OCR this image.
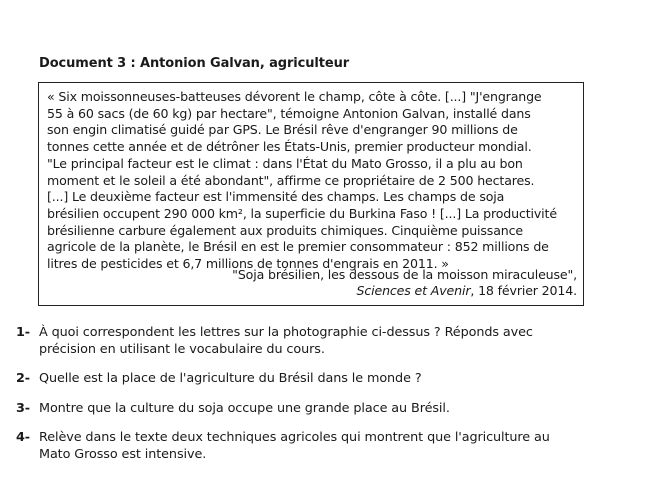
Document 3 : Antonion Galvan, agriculteur

« Six moissonneuses-batteuses dévorent le champ, côte à côte. [...] "J'engrange
55 à 60 sacs (de 60 kg) par hectare", témoigne Antonion Galvan, installé dans
son engin climatisé guidé par GPS. Le Brésil rêve d'engranger 90 millions de
tonnes cette année et de détrôner les États-Unis, premier producteur mondial.
"Le principal facteur est le climat : dans l'État du Mato Grosso, il a plu au bon
moment et le soleil a été abondant", affirme ce propriétaire de 2 500 hectares.
[...] Le deuxième facteur est l'immensité des champs. Les champs de soja
brésilien occupent 290 000 km², la superficie du Burkina Faso ! [...] La productivité
brésilienne carbure également aux produits chimiques. Cinquième puissance
agricole de la planète, le Brésil en est le premier consommateur : 852 millions de
litres de pesticides et 6,7 millions de tonnes d'engrais en 2011. »

"Soja brésilien, les dessous de la moisson miraculeuse",
Sciences et Avenir, 18 février 2014.
1- À quoi correspondent les lettres sur la photographie ci-dessus ? Réponds avec
précision en utilisant le vocabulaire du cours.
2- Quelle est la place de l'agriculture du Brésil dans le monde ?
3- Montre que la culture du soja occupe une grande place au Brésil.
4- Relève dans le texte deux techniques agricoles qui montrent que l'agriculture au
Mato Grosso est intensive.
